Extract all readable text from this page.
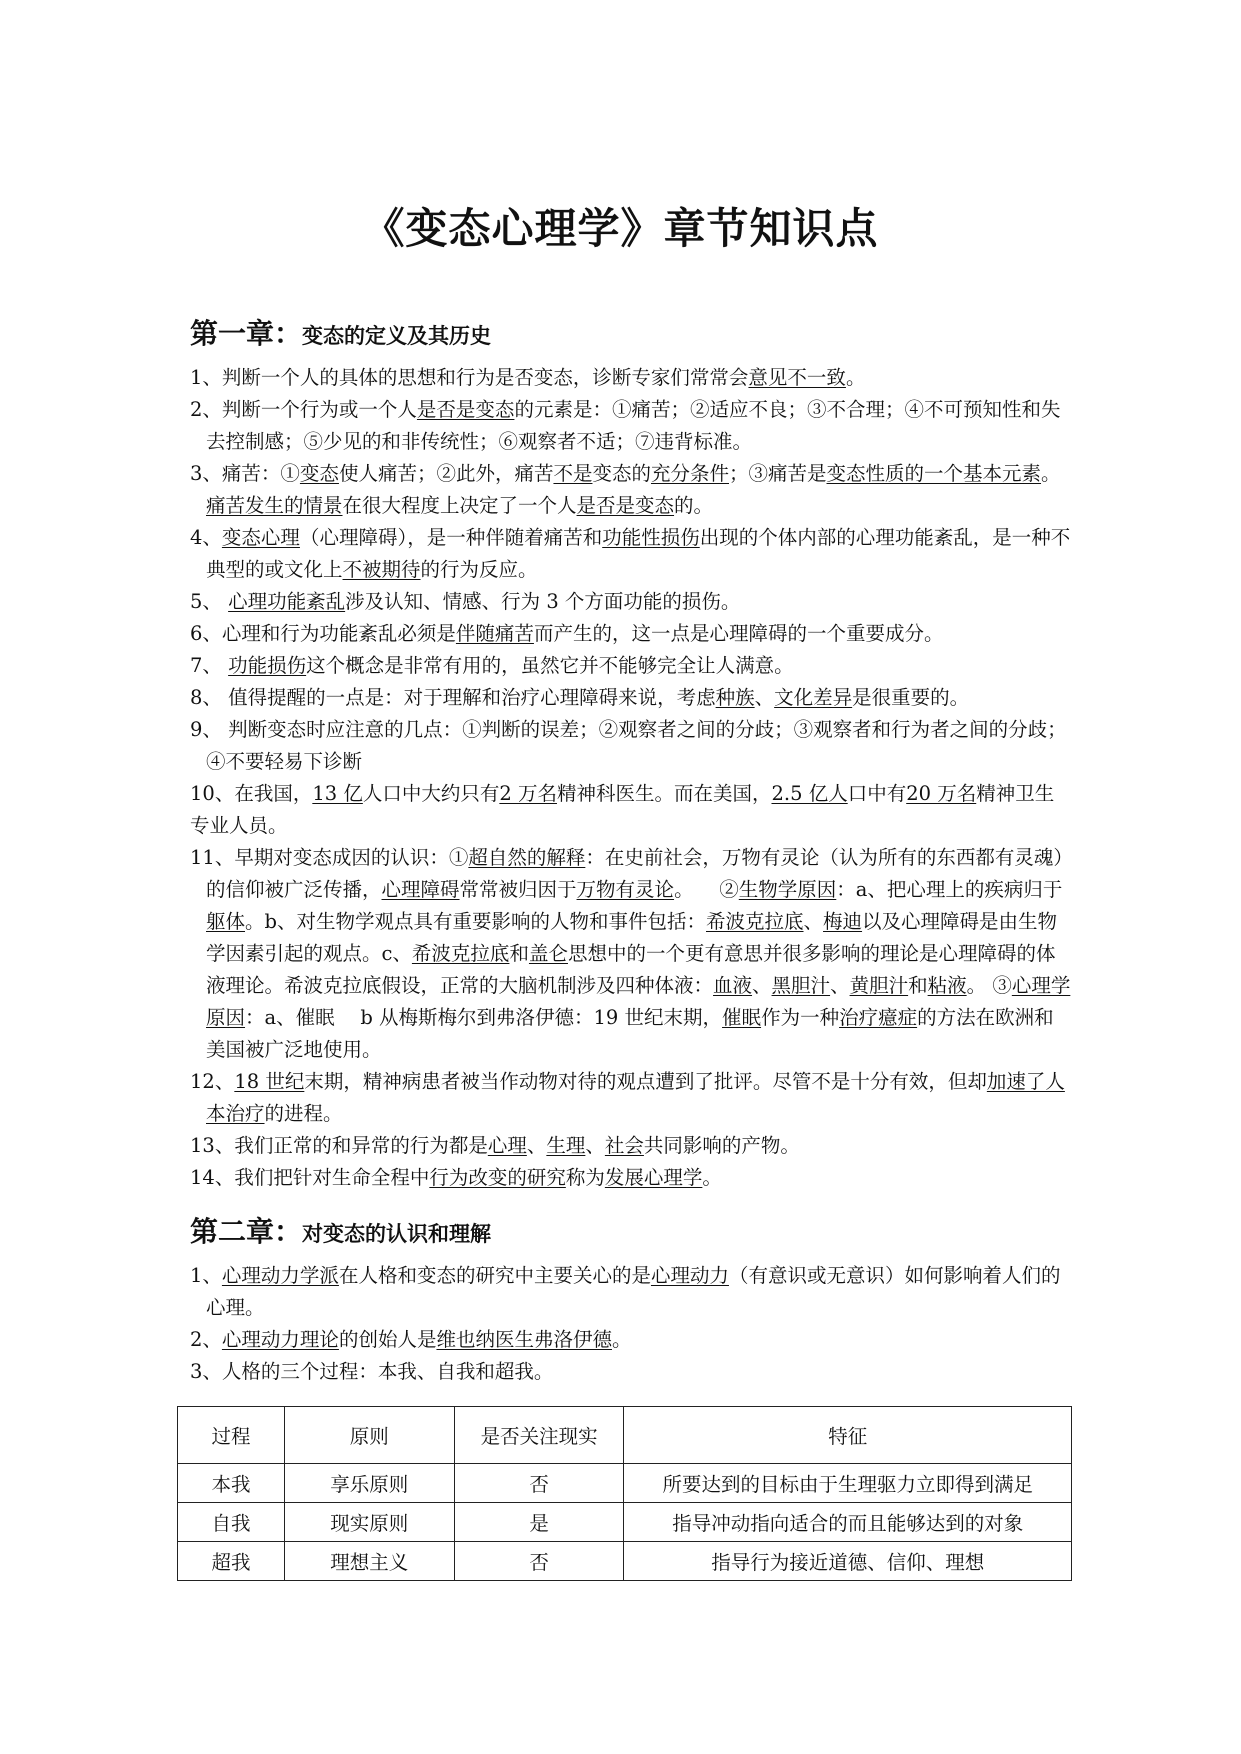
《变态心理学》章节知识点
第一章：变态的定义及其历史

1、判断一个人的具体的思想和行为是否变态，诊断专家们常常会意见不一致。

2、判断一个行为或一个人是否是变态的元素是：①痛苦；②适应不良；③不合理；④不可预知性和失去控制感；⑤少见的和非传统性；⑥观察者不适；⑦违背标准。

3、痛苦：①变态使人痛苦；②此外，痛苦不是变态的充分条件；③痛苦是变态性质的一个基本元素。痛苦发生的情景在很大程度上决定了一个人是否是变态的。

4、变态心理（心理障碍），是一种伴随着痛苦和功能性损伤出现的个体内部的心理功能紊乱，是一种不典型的或文化上不被期待的行为反应。

5、 心理功能紊乱涉及认知、情感、行为 3 个方面功能的损伤。

6、心理和行为功能紊乱必须是伴随痛苦而产生的，这一点是心理障碍的一个重要成分。

7、 功能损伤这个概念是非常有用的，虽然它并不能够完全让人满意。

8、 值得提醒的一点是：对于理解和治疗心理障碍来说，考虑种族、文化差异是很重要的。

9、 判断变态时应注意的几点：①判断的误差；②观察者之间的分歧；③观察者和行为者之间的分歧；④不要轻易下诊断

10、在我国，13 亿人口中大约只有2 万名精神科医生。而在美国，2.5 亿人口中有20 万名精神卫生专业人员。

11、早期对变态成因的认识：①超自然的解释：在史前社会，万物有灵论（认为所有的东西都有灵魂）的信仰被广泛传播，心理障碍常常被归因于万物有灵论。 　②生物学原因：a、把心理上的疾病归于躯体。b、对生物学观点具有重要影响的人物和事件包括：希波克拉底、梅迪以及心理障碍是由生物学因素引起的观点。c、希波克拉底和盖仑思想中的一个更有意思并很多影响的理论是心理障碍的体液理论。希波克拉底假设，正常的大脑机制涉及四种体液：血液、黑胆汁、黄胆汁和粘液。 ③心理学原因：a、催眠 　b 从梅斯梅尔到弗洛伊德：19 世纪末期，催眠作为一种治疗癔症的方法在欧洲和美国被广泛地使用。

12、18 世纪末期，精神病患者被当作动物对待的观点遭到了批评。尽管不是十分有效，但却加速了人本治疗的进程。

13、我们正常的和异常的行为都是心理、生理、社会共同影响的产物。

14、我们把针对生命全程中行为改变的研究称为发展心理学。

第二章：对变态的认识和理解

1、心理动力学派在人格和变态的研究中主要关心的是心理动力（有意识或无意识）如何影响着人们的心理。

2、心理动力理论的创始人是维也纳医生弗洛伊德。

3、人格的三个过程：本我、自我和超我。

过程	原则	是否关注现实	特征
本我	享乐原则	否	所要达到的目标由于生理驱力立即得到满足
自我	现实原则	是	指导冲动指向适合的而且能够达到的对象
超我	理想主义	否	指导行为接近道德、信仰、理想
